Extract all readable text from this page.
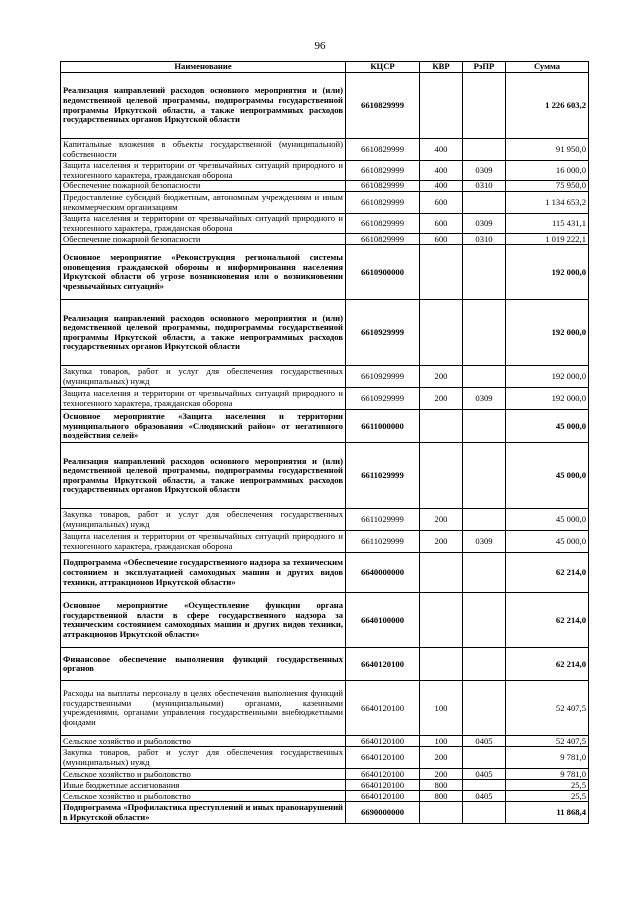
96
Наименование	КЦСР	КВР	РзПР	Сумма
Реализация направлений расходов основного мероприятия и (или) ведомственной целевой программы, подпрограммы государственной программы Иркутской области, а также непрограммных расходов государственных органов Иркутской области	6610829999			1 226 603,2
Капитальные вложения в объекты государственной (муниципальной) собственности	6610829999	400		91 950,0
Защита населения и территории от чрезвычайных ситуаций природного и техногенного характера, гражданская оборона	6610829999	400	0309	16 000,0
Обеспечение пожарной безопасности	6610829999	400	0310	75 950,0
Предоставление субсидий бюджетным, автономным учреждениям и иным некоммерческим организациям	6610829999	600		1 134 653,2
Защита населения и территории от чрезвычайных ситуаций природного и техногенного характера, гражданская оборона	6610829999	600	0309	115 431,1
Обеспечение пожарной безопасности	6610829999	600	0310	1 019 222,1
Основное мероприятие «Реконструкция региональной системы оповещения гражданской обороны и информирования населения Иркутской области об угрозе возникновения или о возникновении чрезвычайных ситуаций»	6610900000			192 000,0
Реализация направлений расходов основного мероприятия и (или) ведомственной целевой программы, подпрограммы государственной программы Иркутской области, а также непрограммных расходов государственных органов Иркутской области	6610929999			192 000,0
Закупка товаров, работ и услуг для обеспечения государственных (муниципальных) нужд	6610929999	200		192 000,0
Защита населения и территории от чрезвычайных ситуаций природного и техногенного характера, гражданская оборона	6610929999	200	0309	192 000,0
Основное мероприятие «Защита населения и территории муниципального образования «Слюдянский район» от негативного воздействия селей»	6611000000			45 000,0
Реализация направлений расходов основного мероприятия и (или) ведомственной целевой программы, подпрограммы государственной программы Иркутской области, а также непрограммных расходов государственных органов Иркутской области	6611029999			45 000,0
Закупка товаров, работ и услуг для обеспечения государственных (муниципальных) нужд	6611029999	200		45 000,0
Защита населения и территории от чрезвычайных ситуаций природного и техногенного характера, гражданская оборона	6611029999	200	0309	45 000,0
Подпрограмма «Обеспечение государственного надзора за техническим состоянием и эксплуатацией самоходных машин и других видов техники, аттракционов Иркутской области»	6640000000			62 214,0
Основное мероприятие «Осуществление функции органа государственной власти в сфере государственного надзора за техническим состоянием самоходных машин и других видов техники, аттракционов Иркутской области»	6640100000			62 214,0
Финансовое обеспечение выполнения функций государственных органов	6640120100			62 214,0
Расходы на выплаты персоналу в целях обеспечения выполнения функций государственными (муниципальными) органами, казенными учреждениями, органами управления государственными внебюджетными фондами	6640120100	100		52 407,5
Сельское хозяйство и рыболовство	6640120100	100	0405	52 407,5
Закупка товаров, работ и услуг для обеспечения государственных (муниципальных) нужд	6640120100	200		9 781,0
Сельское хозяйство и рыболовство	6640120100	200	0405	9 781,0
Иные бюджетные ассигнования	6640120100	800		25,5
Сельское хозяйство и рыболовство	6640120100	800	0405	25,5
Подпрограмма «Профилактика преступлений и иных правонарушений в Иркутской области»	6690000000			11 868,4
